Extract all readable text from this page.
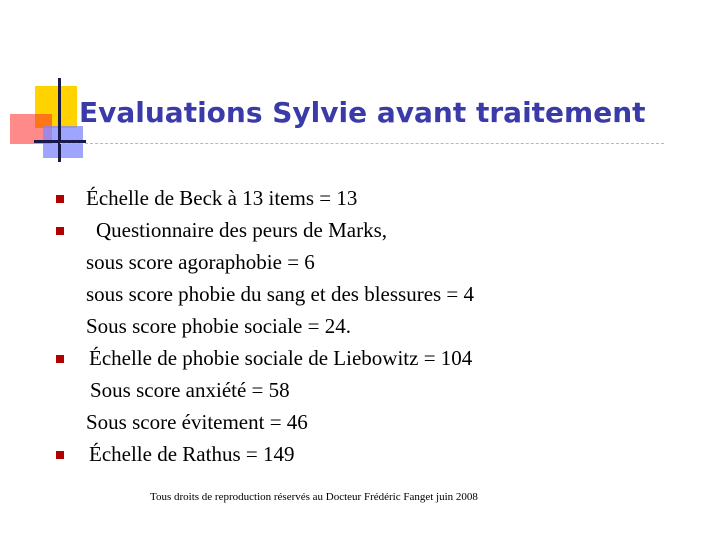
Evaluations Sylvie avant traitement
Échelle de Beck à 13 items = 13
Questionnaire des peurs de Marks,
sous score agoraphobie = 6
sous score phobie du sang et des blessures = 4
Sous score phobie sociale = 24.
Échelle de phobie sociale de Liebowitz = 104
Sous score anxiété = 58
Sous score évitement = 46
Échelle de Rathus = 149
Tous droits de reproduction réservés au Docteur Frédéric Fanget juin 2008
